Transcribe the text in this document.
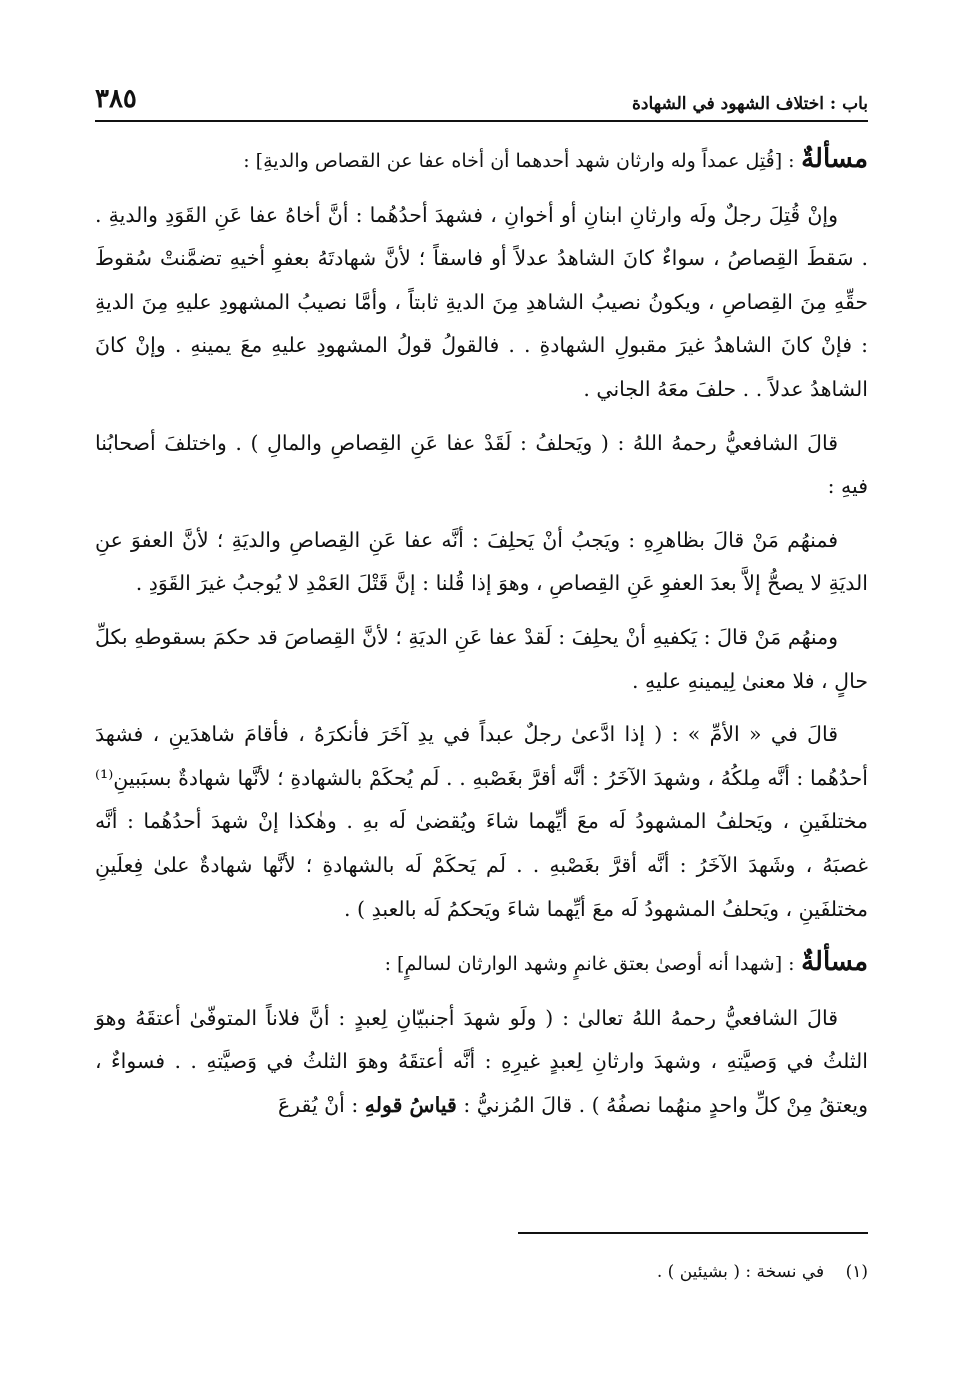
٣٨٥	باب : اختلاف الشهود في الشهادة
مسألةٌ : [قُتِل عمداً وله وارثان شهد أحدهما أن أخاه عفا عن القصاص والديةِ] :

وإنْ قُتِلَ رجلٌ ولَه وارثانِ ابنانِ أو أخوانِ ، فشهدَ أحدُهُما : أنَّ أخاهُ عفا عَنِ القَوَدِ والديةِ . . سَقطَ القِصاصُ ، سواءٌ كانَ الشاهدُ عدلاً أو فاسقاً ؛ لأنَّ شهادتَهُ بعفوِ أخيهِ تضمَّنتْ سُقوطَ حقِّهِ مِنَ القِصاصِ ، ويكونُ نصيبُ الشاهدِ مِنَ الديةِ ثابتاً ، وأمَّا نصيبُ المشهودِ عليهِ مِنَ الديةِ : فإنْ كانَ الشاهدُ غيرَ مقبولِ الشهادةِ . . فالقولُ قولُ المشهودِ عليهِ معَ يمينهِ . وإنْ كانَ الشاهدُ عدلاً . . حلفَ معَهُ الجاني .

قالَ الشافعيُّ رحمهُ اللهُ : ( ويَحلفُ : لَقَدْ عفا عَنِ القِصاصِ والمالِ ) . واختلفَ أصحابُنا فيهِ :

فمنهُم مَنْ قالَ بظاهرِهِ : ويَجبُ أنْ يَحلِفَ : أنَّه عفا عَنِ القِصاصِ والديَةِ ؛ لأنَّ العفوَ عنِ الديَةِ لا يصحُّ إلاَّ بعدَ العفوِ عَنِ القِصاصِ ، وهوَ إذا قُلنا : إنَّ قَتْلَ العَمْدِ لا يُوجبُ غيرَ القَوَدِ .

ومنهُم مَنْ قالَ : يَكفيهِ أنْ يحلِفَ : لَقدْ عفا عَنِ الديَةِ ؛ لأنَّ القِصاصَ قد حكمَ بسقوطهِ بكلِّ حالٍ ، فلا معنىٰ لِيمينهِ عليهِ .

قالَ في « الأمِّ » : ( إذا ادَّعىٰ رجلٌ عبداً في يدِ آخَرَ فأنكرَهُ ، فأقامَ شاهدَينِ ، فشهدَ أحدُهُما : أنَّه مِلكُهُ ، وشهدَ الآخَرُ : أنَّه أقرَّ بغَصْبهِ . . لَم يُحكَمْ بالشهادةِ ؛ لأنَّها شهادةٌ بسبَبينِ⁽¹⁾ مختلفَينِ ، ويَحلفُ المشهودُ لَه معَ أيِّهما شاءَ ويُقضىٰ لَه بهِ . وهٰكذا إنْ شهدَ أحدُهُما : أنَّه غصبَهُ ، وشَهدَ الآخَرُ : أنَّه أقرَّ بغَصْبهِ . . لَم يَحكَمْ لَه بالشهادةِ ؛ لأنَّها شهادةٌ علىٰ فِعلَينِ مختلفَينِ ، ويَحلفُ المشهودُ لَه معَ أيِّهما شاءَ ويَحكمُ لَه بالعبدِ ) .

مسألةٌ : [شهدا أنه أوصىٰ بعتق غانمٍ وشهد الوارثان لسالمٍ] :

قالَ الشافعيُّ رحمهُ اللهُ تعالىٰ : ( ولَو شهدَ أجنبيّانِ لِعبدٍ : أنَّ فلاناً المتوفّىٰ أعتقَهُ وهوَ الثلثُ في وَصيَّتهِ ، وشهدَ وارثانِ لِعبدٍ غيرِهِ : أنَّه أعتقَهُ وهوَ الثلثُ في وَصيَّتهِ . . فسواءٌ ، ويعتقُ مِنْ كلِّ واحدٍ منهُما نصفُهُ ) . قالَ المُزنيُّ : قياسُ قولهِ : أنْ يُقرعَ

(١) في نسخة : ( بشيئين ) .
